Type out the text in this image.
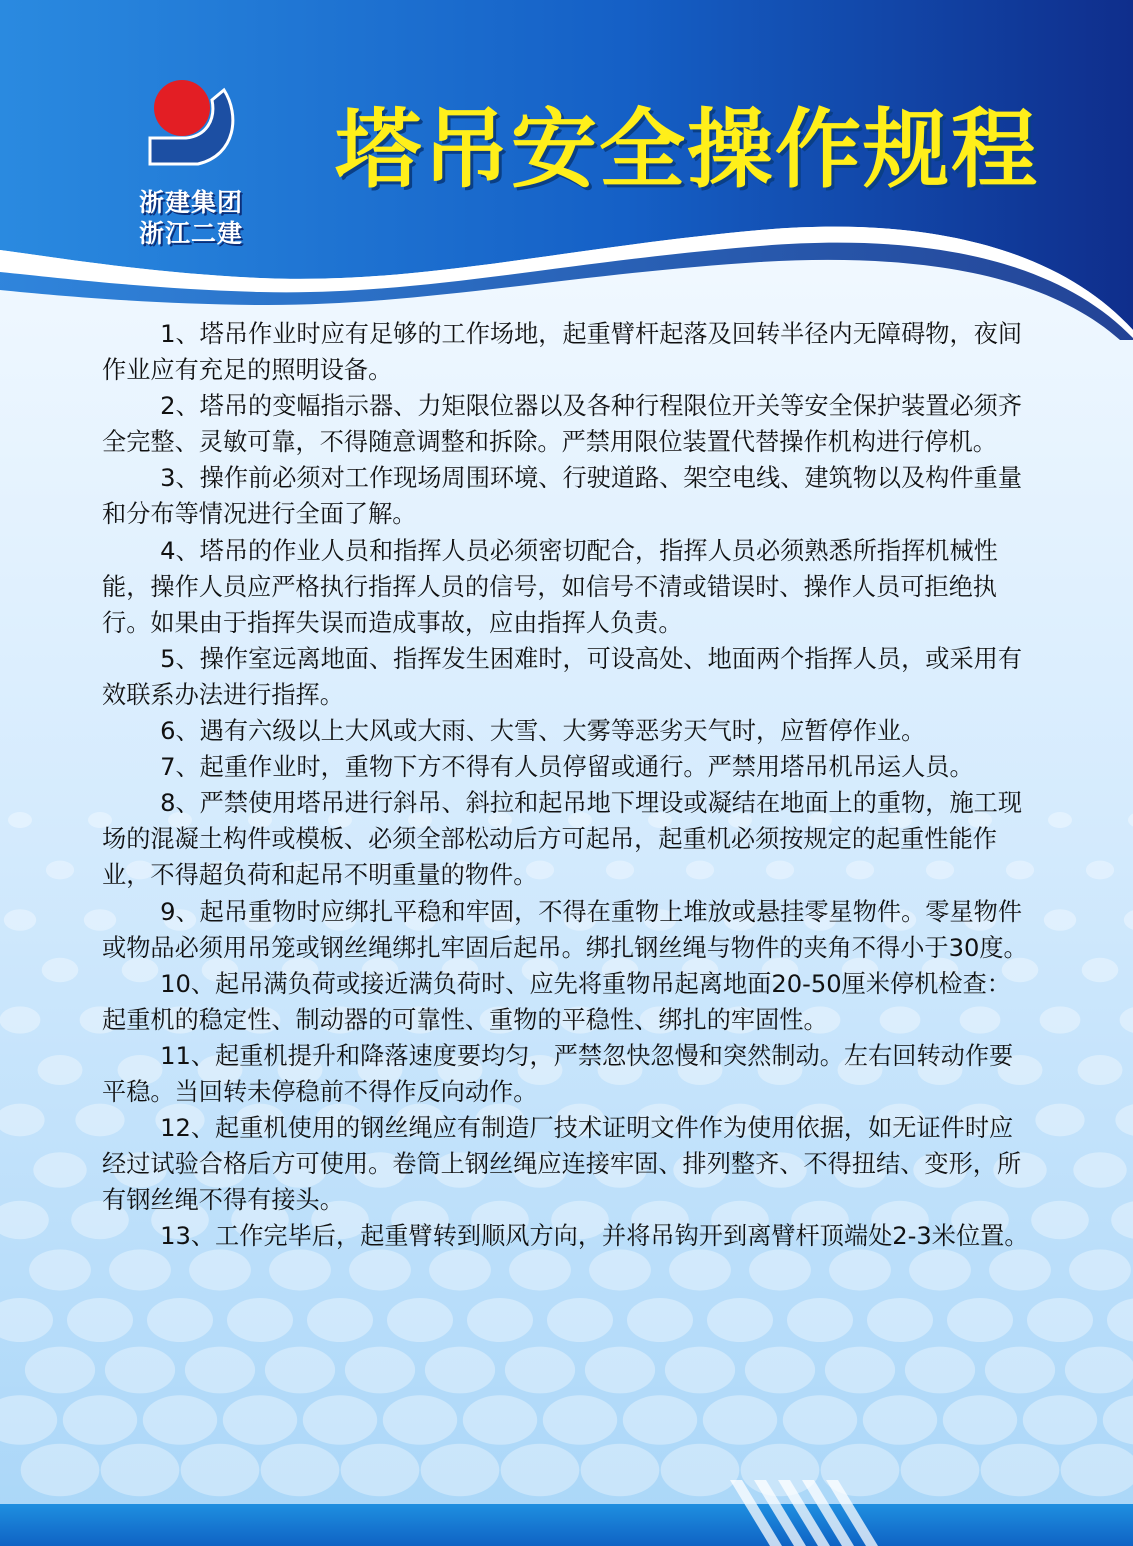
浙建集团
浙江二建
塔吊安全操作规程

1、塔吊作业时应有足够的工作场地，起重臂杆起落及回转半径内无障碍物，夜间作业应有充足的照明设备。

2、塔吊的变幅指示器、力矩限位器以及各种行程限位开关等安全保护装置必须齐全完整、灵敏可靠，不得随意调整和拆除。严禁用限位装置代替操作机构进行停机。

3、操作前必须对工作现场周围环境、行驶道路、架空电线、建筑物以及构件重量和分布等情况进行全面了解。

4、塔吊的作业人员和指挥人员必须密切配合，指挥人员必须熟悉所指挥机械性能，操作人员应严格执行指挥人员的信号，如信号不清或错误时、操作人员可拒绝执行。如果由于指挥失误而造成事故，应由指挥人负责。

5、操作室远离地面、指挥发生困难时，可设高处、地面两个指挥人员，或采用有效联系办法进行指挥。

6、遇有六级以上大风或大雨、大雪、大雾等恶劣天气时，应暂停作业。

7、起重作业时，重物下方不得有人员停留或通行。严禁用塔吊机吊运人员。

8、严禁使用塔吊进行斜吊、斜拉和起吊地下埋设或凝结在地面上的重物，施工现场的混凝土构件或模板、必须全部松动后方可起吊，起重机必须按规定的起重性能作业，不得超负荷和起吊不明重量的物件。

9、起吊重物时应绑扎平稳和牢固，不得在重物上堆放或悬挂零星物件。零星物件或物品必须用吊笼或钢丝绳绑扎牢固后起吊。绑扎钢丝绳与物件的夹角不得小于30度。

10、起吊满负荷或接近满负荷时、应先将重物吊起离地面20-50厘米停机检查：起重机的稳定性、制动器的可靠性、重物的平稳性、绑扎的牢固性。

11、起重机提升和降落速度要均匀，严禁忽快忽慢和突然制动。左右回转动作要平稳。当回转未停稳前不得作反向动作。

12、起重机使用的钢丝绳应有制造厂技术证明文件作为使用依据，如无证件时应经过试验合格后方可使用。卷筒上钢丝绳应连接牢固、排列整齐、不得扭结、变形，所有钢丝绳不得有接头。

13、工作完毕后，起重臂转到顺风方向，并将吊钩开到离臂杆顶端处2-3米位置。
